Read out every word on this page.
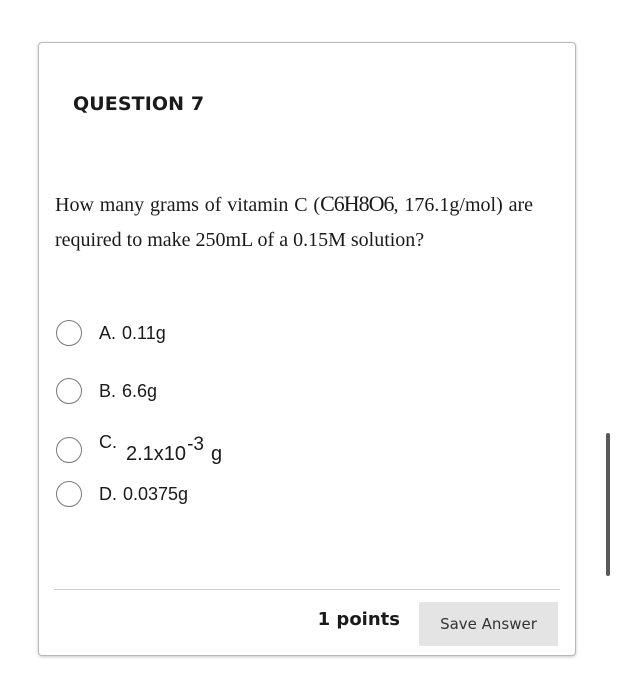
QUESTION 7
How many grams of vitamin C (C6H8O6, 176.1g/mol) are required to make 250mL of a 0.15M solution?
A. 0.11g
B. 6.6g
C.
2.1x10-3 g
D. 0.0375g
1 points	Save Answer
